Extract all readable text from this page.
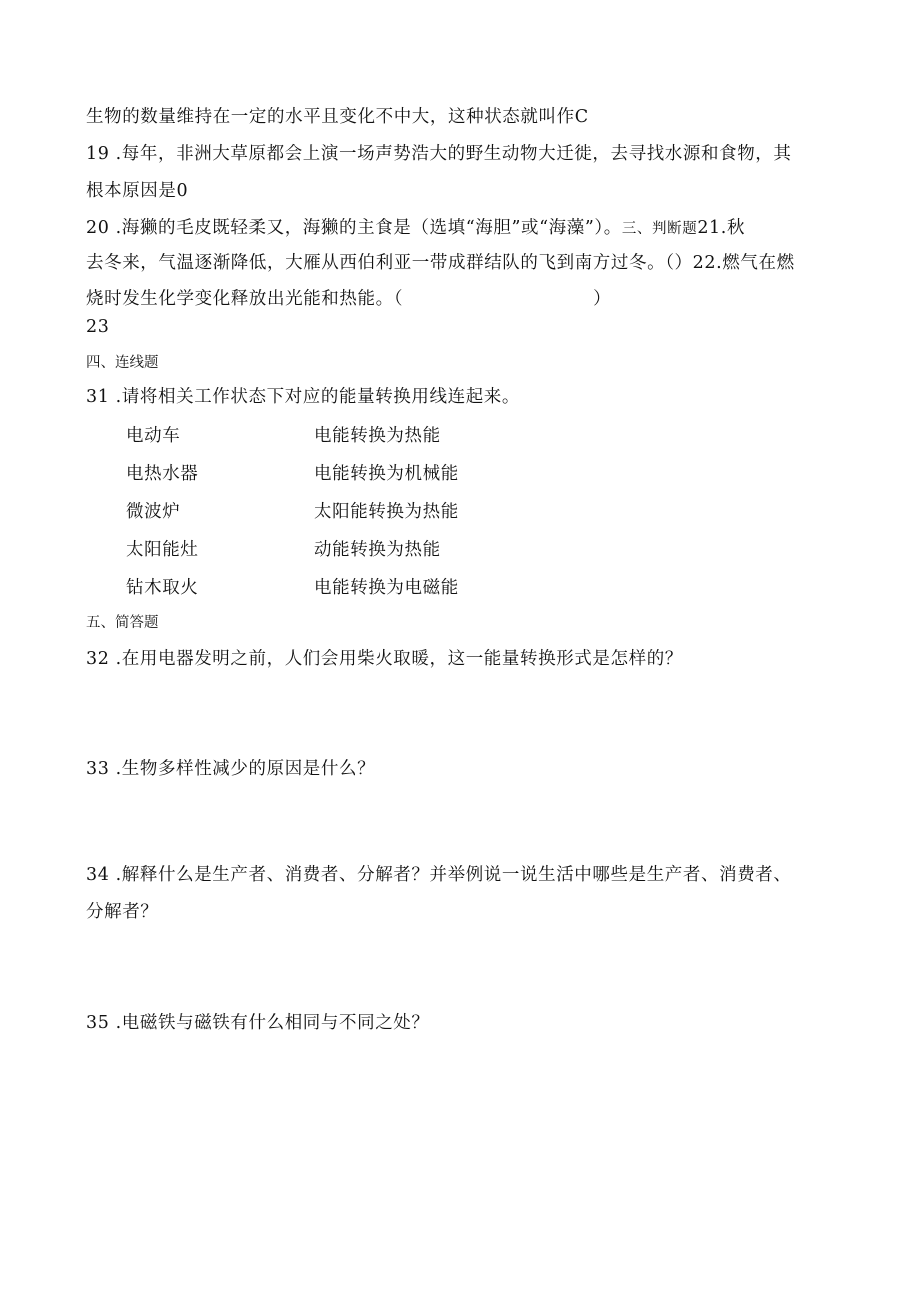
生物的数量维持在一定的水平且变化不中大，这种状态就叫作C
19 .每年，非洲大草原都会上演一场声势浩大的野生动物大迁徙，去寻找水源和食物，其
根本原因是0
20 .海獭的毛皮既轻柔又，海獭的主食是（选填“海胆”或“海藻”）。三、判断题21.秋
去冬来，气温逐渐降低，大雁从西伯利亚一带成群结队的飞到南方过冬。（）22.燃气在燃
烧时发生化学变化释放出光能和热能。（	）
23
四、连线题
31 .请将相关工作状态下对应的能量转换用线连起来。
电动车	电能转换为热能
电热水器	电能转换为机械能
微波炉	太阳能转换为热能
太阳能灶	动能转换为热能
钻木取火	电能转换为电磁能
五、简答题
32 .在用电器发明之前，人们会用柴火取暖，这一能量转换形式是怎样的？
33 .生物多样性减少的原因是什么？
34 .解释什么是生产者、消费者、分解者？并举例说一说生活中哪些是生产者、消费者、
分解者？
35 .电磁铁与磁铁有什么相同与不同之处？
